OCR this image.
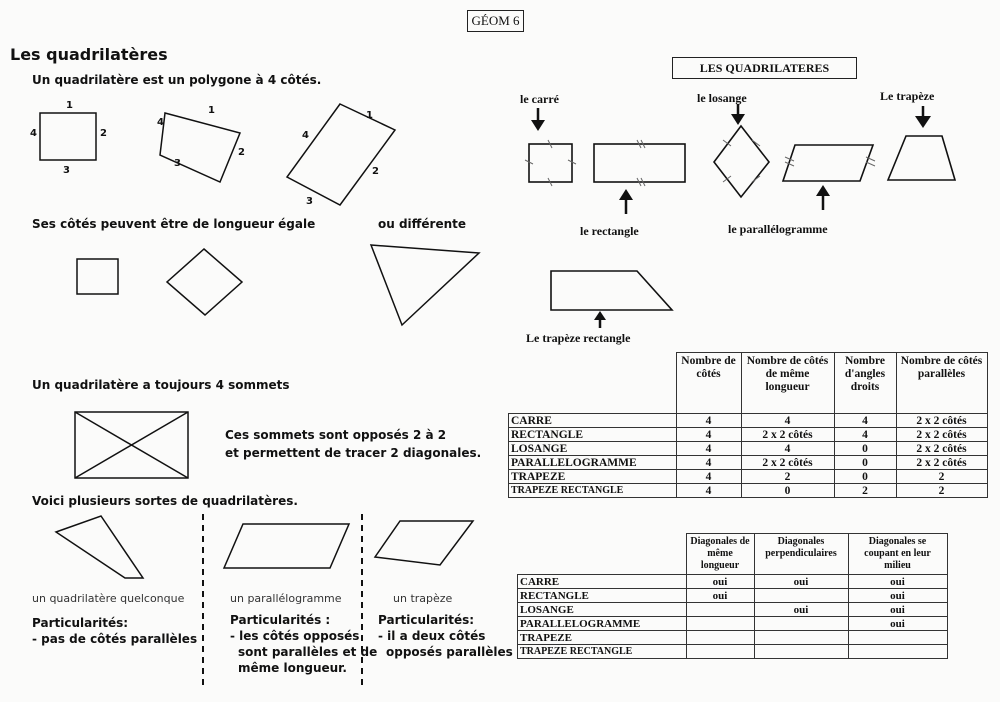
GÉOM 6
Les quadrilatères
Un quadrilatère est un polygone à 4 côtés.
Ses côtés peuvent être de longueur égale	ou différente
Un quadrilatère a toujours 4 sommets
Ces sommets sont opposés 2 à 2
et permettent de tracer 2 diagonales.
Voici plusieurs sortes de quadrilatères.
1
2
3
4
1
2
3
4
1
2
3
4
un quadrilatère quelconque
Particularités:
- pas de côtés parallèles
un parallélogramme
Particularités :
- les côtés opposés
sont parallèles et de
même longueur.
un trapèze
Particularités:
- il a deux côtés
opposés parallèles
LES QUADRILATERES
le carré	le losange	Le trapèze
le rectangle	le parallélogramme
Le trapèze rectangle
	Nombre de côtés	Nombre de côtés de même longueur	Nombre d'angles droits	Nombre de côtés parallèles
CARRE	4	4	4	2 x 2 côtés
RECTANGLE	4	2 x 2 côtés	4	2 x 2 côtés
LOSANGE	4	4	0	2 x 2 côtés
PARALLELOGRAMME	4	2 x 2 côtés	0	2 x 2 côtés
TRAPEZE	4	2	0	2
TRAPEZE RECTANGLE	4	0	2	2
	Diagonales de même longueur	Diagonales perpendiculaires	Diagonales se coupant en leur milieu
CARRE	oui	oui	oui
RECTANGLE	oui		oui
LOSANGE		oui	oui
PARALLELOGRAMME			oui
TRAPEZE			
TRAPEZE RECTANGLE			
